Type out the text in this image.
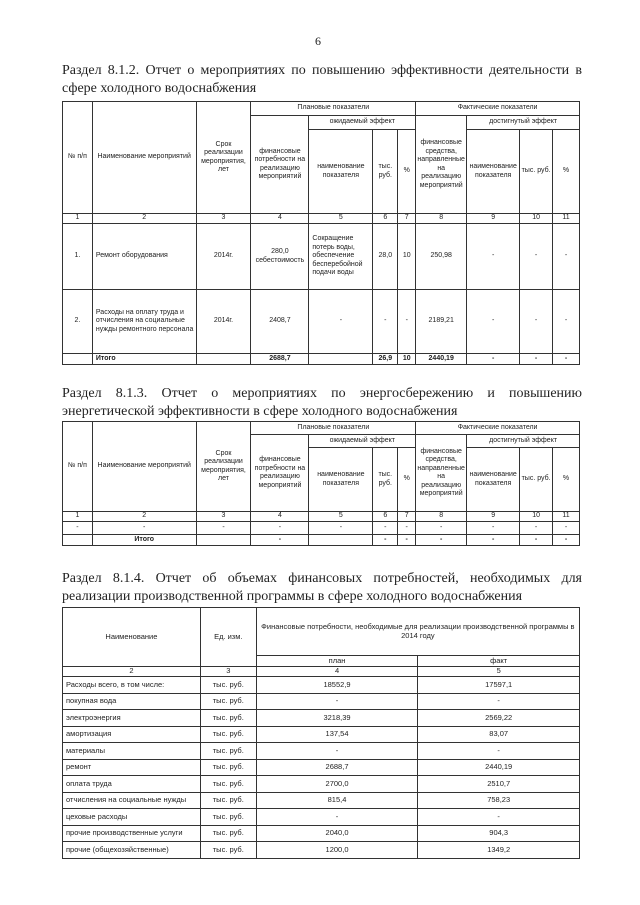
6
Раздел 8.1.2. Отчет о мероприятиях по повышению эффективности деятельности в сфере холодного водоснабжения
№ п/п	Наименование мероприятий	Срок реализации мероприятия, лет	Плановые показатели				Фактические показатели			
			финансовые потребности на реализацию мероприятий	ожидаемый эффект			финансовые средства, направленные на реализацию мероприятий	достигнутый эффект		
				наименование показателя	тыс. руб.	%		наименование показателя	тыс. руб.	%
1	2	3	4	5	6	7	8	9	10	11
1.	Ремонт оборудования	2014г.	280,0 себестоимость	Сокращение потерь воды, обеспечение бесперебойной подачи воды	28,0	10	250,98	-	-	-
2.	Расходы на оплату труда и отчисления на социальные нужды ремонтного персонала	2014г.	2408,7	-	-	-	2189,21	-	-	-
	Итого		2688,7		26,9	10	2440,19	-	-	-
Раздел 8.1.3. Отчет о мероприятиях по энергосбережению и повышению энергетической эффективности в сфере холодного водоснабжения
№ п/п	Наименование мероприятий	Срок реализации мероприятия, лет	Плановые показатели				Фактические показатели			
			финансовые потребности на реализацию мероприятий	ожидаемый эффект			финансовые средства, направленные на реализацию мероприятий	достигнутый эффект		
				наименование показателя	тыс. руб.	%		наименование показателя	тыс. руб.	%
1	2	3	4	5	6	7	8	9	10	11
-	-	-	-	-	-	-	-	-	-	-
	Итого		-		-	-	-	-	-	-
Раздел 8.1.4. Отчет об объемах финансовых потребностей, необходимых для реализации производственной программы в сфере холодного водоснабжения
Наименование	Ед. изм.	Финансовые потребности, необходимые для реализации производственной программы в 2014 году	
		план	факт
2	3	4	5
Расходы всего, в том числе:	тыс. руб.	18552,9	17597,1
покупная вода	тыс. руб.	-	-
электроэнергия	тыс. руб.	3218,39	2569,22
амортизация	тыс. руб.	137,54	83,07
материалы	тыс. руб.	-	-
ремонт	тыс. руб.	2688,7	2440,19
оплата труда	тыс. руб.	2700,0	2510,7
отчисления на социальные нужды	тыс. руб.	815,4	758,23
цеховые расходы	тыс. руб.	-	-
прочие производственные услуги	тыс. руб.	2040,0	904,3
прочие (общехозяйственные)	тыс. руб.	1200,0	1349,2
